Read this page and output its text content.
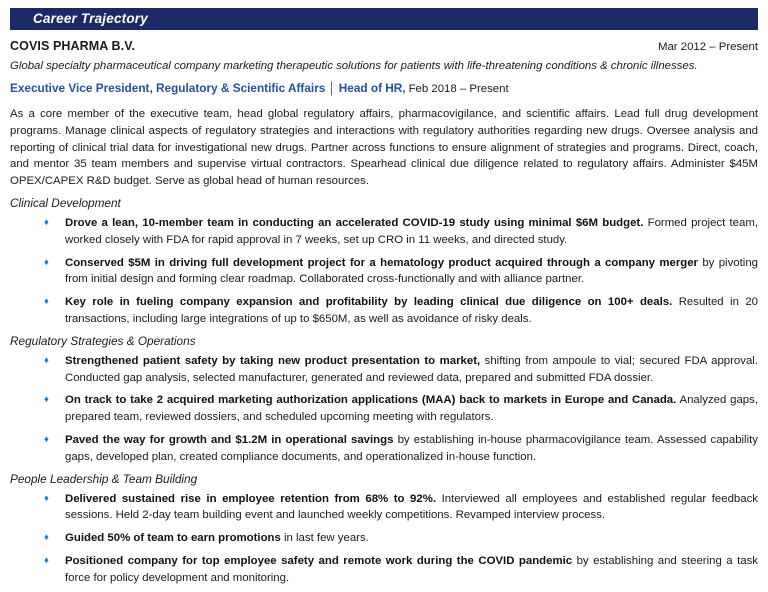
Career Trajectory
COVIS PHARMA B.V.	Mar 2012 – Present
Global specialty pharmaceutical company marketing therapeutic solutions for patients with life-threatening conditions & chronic illnesses.
Executive Vice President, Regulatory & Scientific Affairs │ Head of HR, Feb 2018 – Present
As a core member of the executive team, head global regulatory affairs, pharmacovigilance, and scientific affairs. Lead full drug development programs. Manage clinical aspects of regulatory strategies and interactions with regulatory authorities regarding new drugs. Oversee analysis and reporting of clinical trial data for investigational new drugs. Partner across functions to ensure alignment of strategies and programs. Direct, coach, and mentor 35 team members and supervise virtual contractors. Spearhead clinical due diligence related to regulatory affairs. Administer $45M OPEX/CAPEX R&D budget. Serve as global head of human resources.
Clinical Development
♦ Drove a lean, 10-member team in conducting an accelerated COVID-19 study using minimal $6M budget. Formed project team, worked closely with FDA for rapid approval in 7 weeks, set up CRO in 11 weeks, and directed study.
♦ Conserved $5M in driving full development project for a hematology product acquired through a company merger by pivoting from initial design and forming clear roadmap. Collaborated cross-functionally and with alliance partner.
♦ Key role in fueling company expansion and profitability by leading clinical due diligence on 100+ deals. Resulted in 20 transactions, including large integrations of up to $650M, as well as avoidance of risky deals.
Regulatory Strategies & Operations
♦ Strengthened patient safety by taking new product presentation to market, shifting from ampoule to vial; secured FDA approval. Conducted gap analysis, selected manufacturer, generated and reviewed data, prepared and submitted FDA dossier.
♦ On track to take 2 acquired marketing authorization applications (MAA) back to markets in Europe and Canada. Analyzed gaps, prepared team, reviewed dossiers, and scheduled upcoming meeting with regulators.
♦ Paved the way for growth and $1.2M in operational savings by establishing in-house pharmacovigilance team. Assessed capability gaps, developed plan, created compliance documents, and operationalized in-house function.
People Leadership & Team Building
♦ Delivered sustained rise in employee retention from 68% to 92%. Interviewed all employees and established regular feedback sessions. Held 2-day team building event and launched weekly competitions. Revamped interview process.
♦ Guided 50% of team to earn promotions in last few years.
♦ Positioned company for top employee safety and remote work during the COVID pandemic by establishing and steering a task force for policy development and monitoring.
